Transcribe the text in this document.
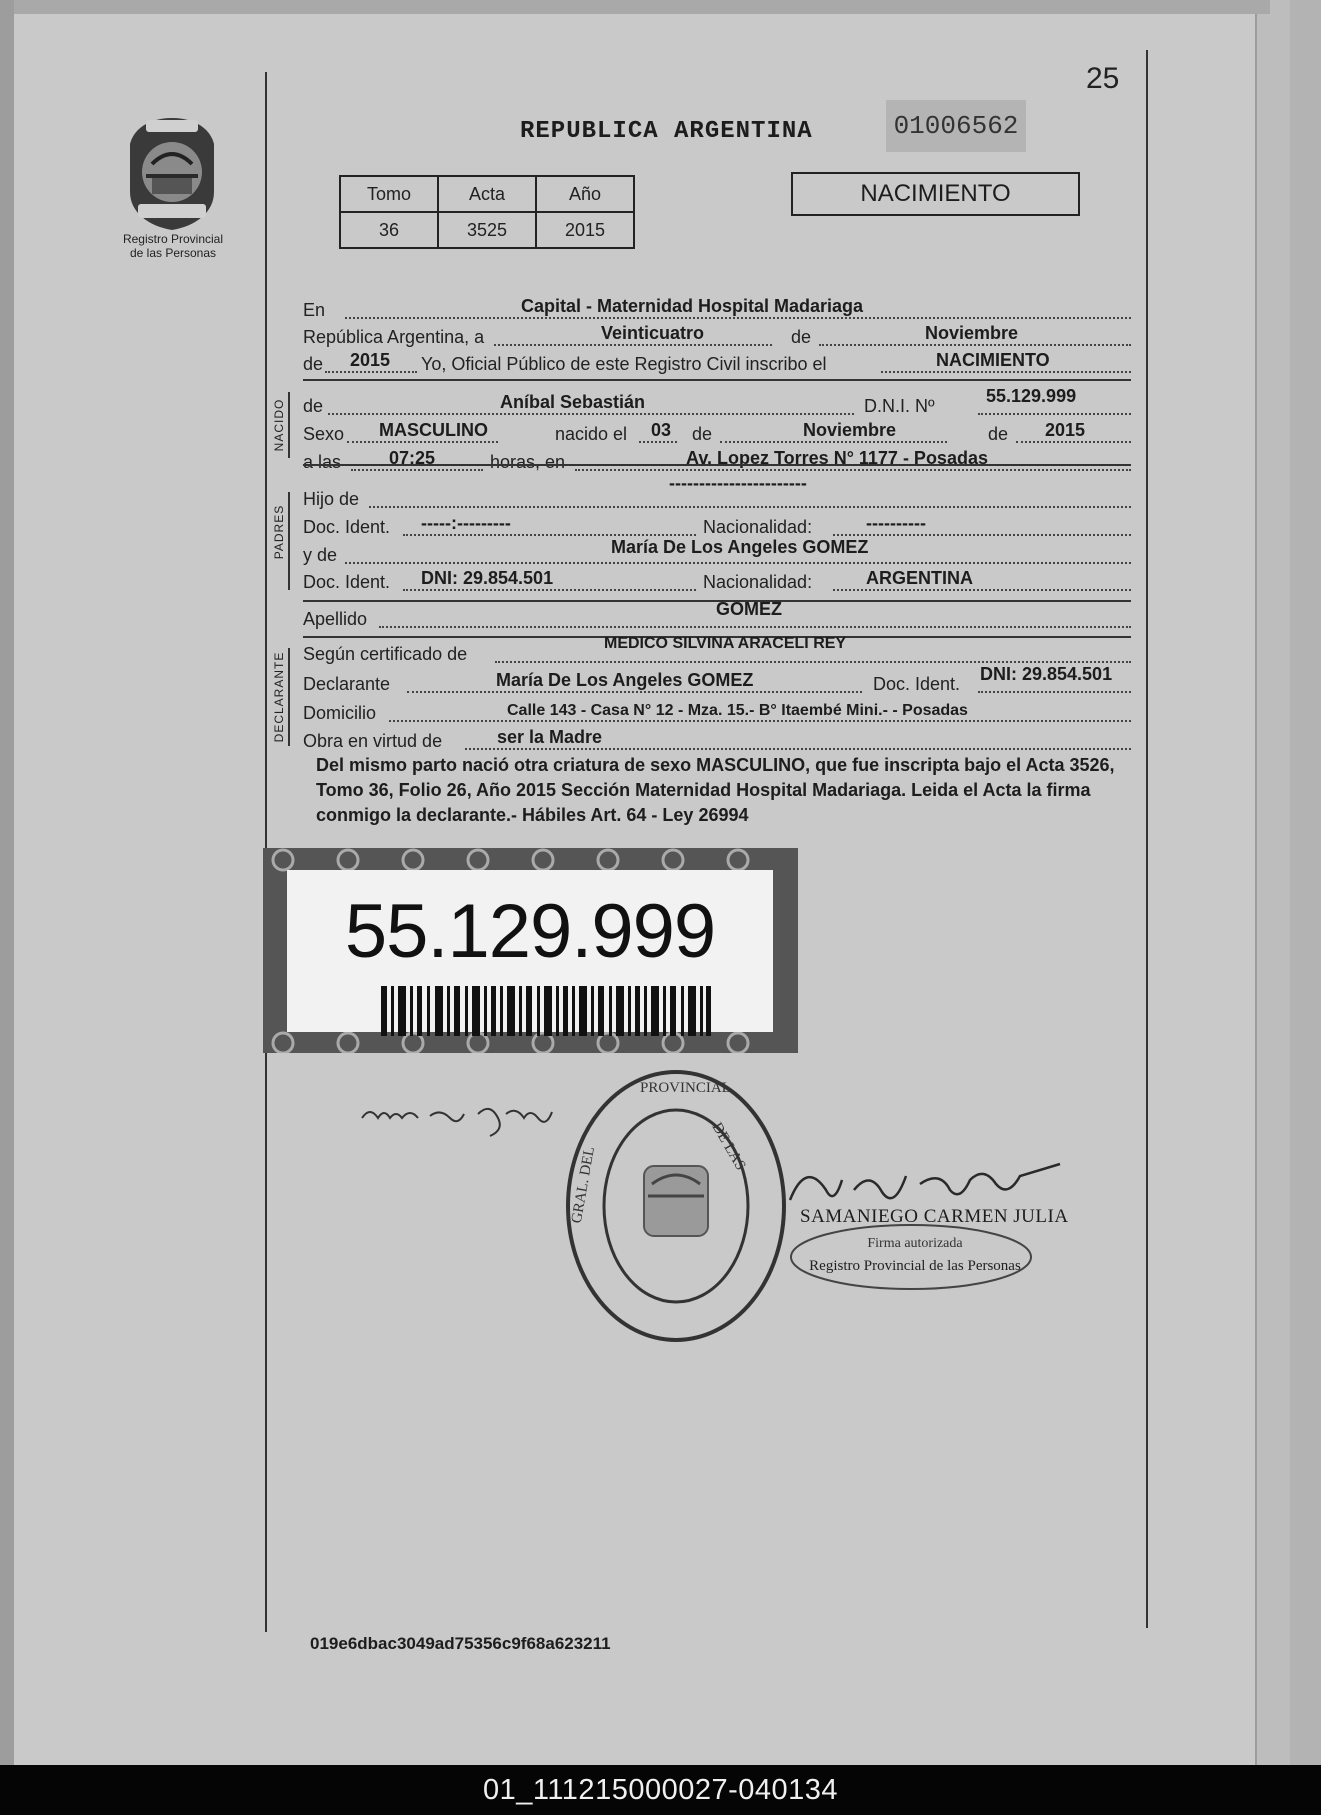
25
Registro Provincial
de las Personas
REPUBLICA ARGENTINA	01006562
Tomo	Acta	Año
36	3525	2015
NACIMIENTO
En	Capital - Maternidad Hospital Madariaga
República Argentina, a	Veinticuatro	de	Noviembre
de 2015 Yo, Oficial Público de este Registro Civil inscribo el	NACIMIENTO
NACIDO de	Aníbal Sebastián	D.N.I. Nº	55.129.999
Sexo MASCULINO	nacido el 03 de	Noviembre	de 2015
a las	07:25	horas, en	Av. Lopez Torres N° 1177 - Posadas
PADRES
Hijo de
-----------------------
Doc. Ident. -----:---------	Nacionalidad:	----------
y de	María De Los Angeles GOMEZ
Doc. Ident. DNI: 29.854.501	Nacionalidad:	ARGENTINA
Apellido	GOMEZ
DECLARANTE Según certificado de
MEDICO SILVINA ARACELI REY
Declarante	María De Los Angeles GOMEZ	Doc. Ident. DNI: 29.854.501
Domicilio	Calle 143 - Casa N° 12 - Mza. 15.- B° Itaembé Mini.- - Posadas
Obra en virtud de	ser la Madre
Del mismo parto nació otra criatura de sexo MASCULINO, que fue inscripta bajo el Acta 3526, Tomo 36, Folio 26, Año 2015 Sección Maternidad Hospital Madariaga. Leida el Acta la firma conmigo la declarante.- Hábiles Art. 64 - Ley 26994
55.129.999
PROVINCIAL
GRAL. DEL	DE LAS
SAMANIEGO CARMEN JULIA
Firma autorizada
Registro Provincial de las Personas
019e6dbac3049ad75356c9f68a623211
01_111215000027-040134
